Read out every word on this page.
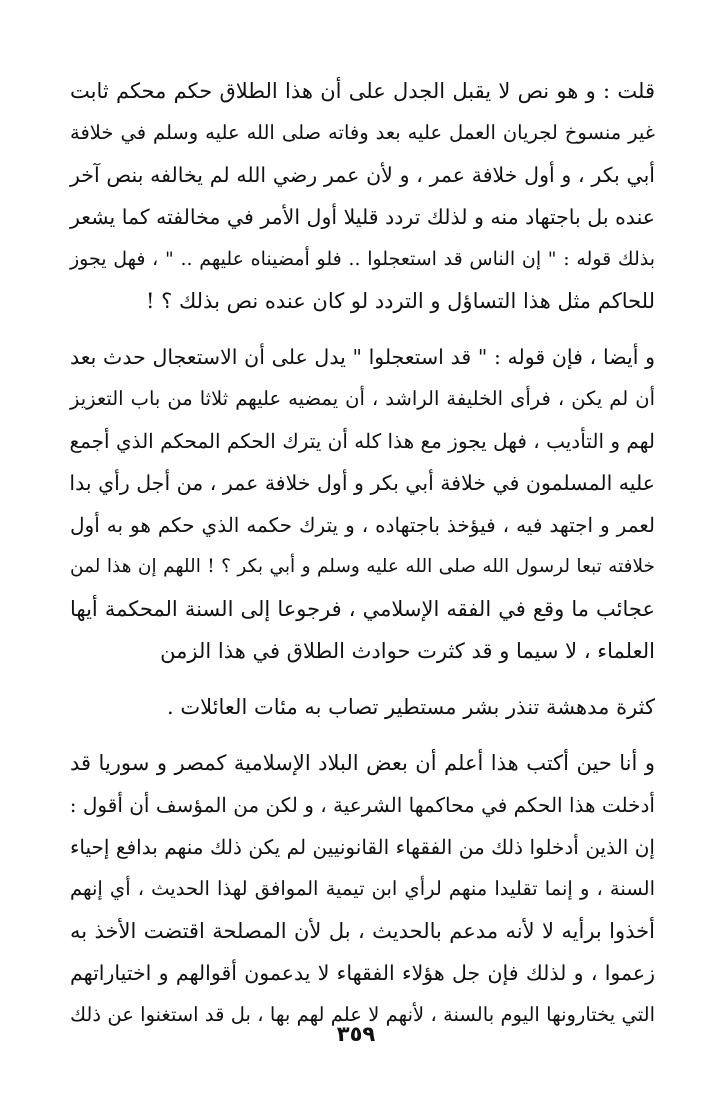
قلت : و هو نص لا يقبل الجدل على أن هذا الطلاق حكم محكم ثابت
غير منسوخ لجريان العمل عليه بعد وفاته صلى الله عليه وسلم في خلافة
أبي بكر ، و أول خلافة عمر ، و لأن عمر رضي الله لم يخالفه بنص آخر
عنده بل باجتهاد منه و لذلك تردد قليلا أول الأمر في مخالفته كما يشعر
بذلك قوله : " إن الناس قد استعجلوا .. فلو أمضيناه عليهم .. " ، فهل يجوز
للحاكم مثل هذا التساؤل و التردد لو كان عنده نص بذلك ؟ !
و أيضا ، فإن قوله : " قد استعجلوا " يدل على أن الاستعجال حدث بعد
أن لم يكن ، فرأى الخليفة الراشد ، أن يمضيه عليهم ثلاثا من باب التعزيز
لهم و التأديب ، فهل يجوز مع هذا كله أن يترك الحكم المحكم الذي أجمع
عليه المسلمون في خلافة أبي بكر و أول خلافة عمر ، من أجل رأي بدا
لعمر و اجتهد فيه ، فيؤخذ باجتهاده ، و يترك حكمه الذي حكم هو به أول
خلافته تبعا لرسول الله صلى الله عليه وسلم و أبي بكر ؟ ! اللهم إن هذا لمن
عجائب ما وقع في الفقه الإسلامي ، فرجوعا إلى السنة المحكمة أيها
العلماء ، لا سيما و قد كثرت حوادث الطلاق في هذا الزمن
كثرة مدهشة تنذر بشر مستطير تصاب به مئات العائلات .
و أنا حين أكتب هذا أعلم أن بعض البلاد الإسلامية كمصر و سوريا قد
أدخلت هذا الحكم في محاكمها الشرعية ، و لكن من المؤسف أن أقول :
إن الذين أدخلوا ذلك من الفقهاء القانونيين لم يكن ذلك منهم بدافع إحياء
السنة ، و إنما تقليدا منهم لرأي ابن تيمية الموافق لهذا الحديث ، أي إنهم
أخذوا برأيه لا لأنه مدعم بالحديث ، بل لأن المصلحة اقتضت الأخذ به
زعموا ، و لذلك فإن جل هؤلاء الفقهاء لا يدعمون أقوالهم و اختياراتهم
التي يختارونها اليوم بالسنة ، لأنهم لا علم لهم بها ، بل قد استغنوا عن ذلك
٣٥٩
